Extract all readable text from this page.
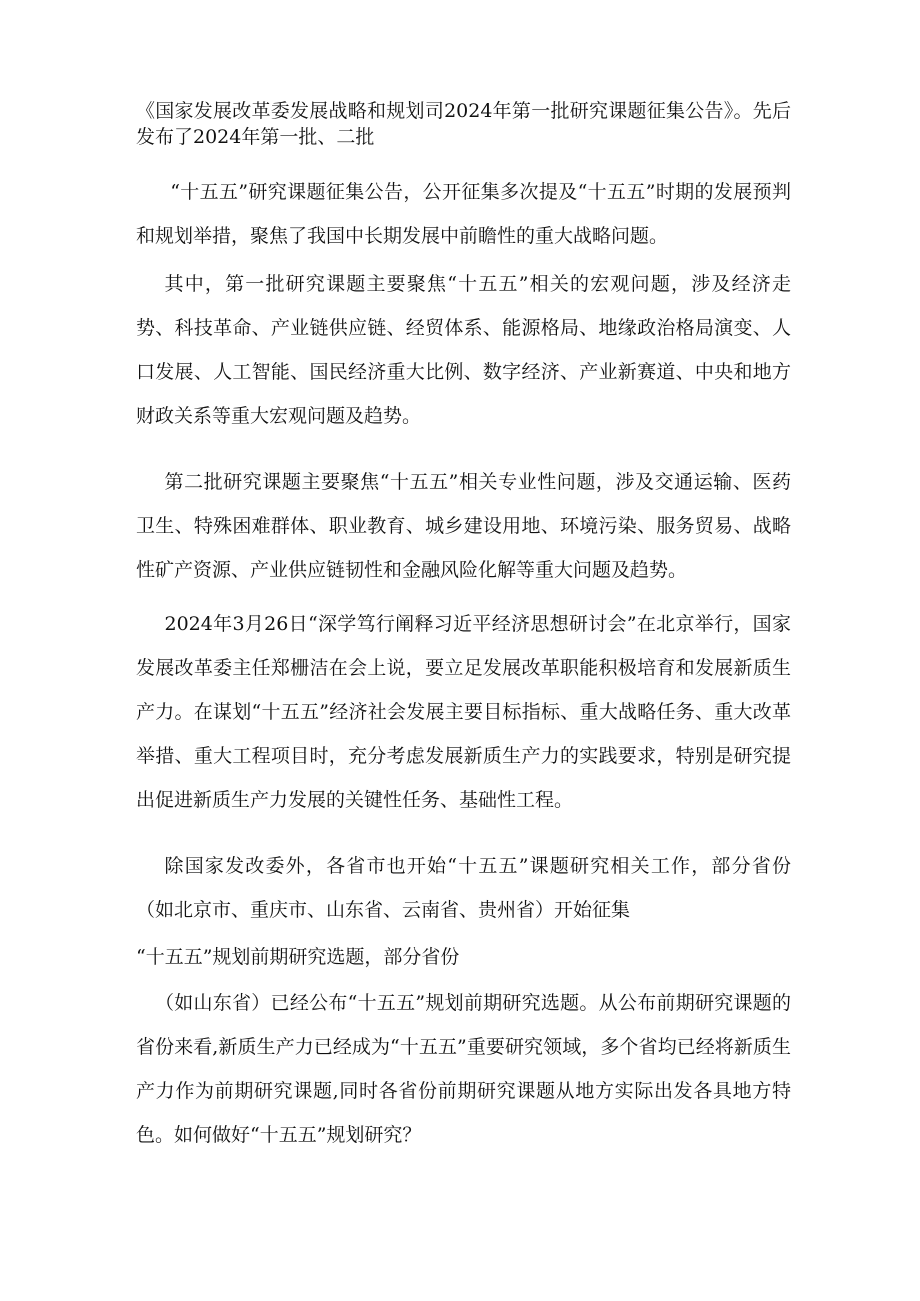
《国家发展改革委发展战略和规划司2024年第一批研究课题征集公告》。先后发布了2024年第一批、二批

“十五五”研究课题征集公告，公开征集多次提及“十五五”时期的发展预判和规划举措，聚焦了我国中长期发展中前瞻性的重大战略问题。

其中，第一批研究课题主要聚焦“十五五”相关的宏观问题，涉及经济走势、科技革命、产业链供应链、经贸体系、能源格局、地缘政治格局演变、人口发展、人工智能、国民经济重大比例、数字经济、产业新赛道、中央和地方财政关系等重大宏观问题及趋势。

第二批研究课题主要聚焦“十五五”相关专业性问题，涉及交通运输、医药卫生、特殊困难群体、职业教育、城乡建设用地、环境污染、服务贸易、战略性矿产资源、产业供应链韧性和金融风险化解等重大问题及趋势。

2024年3月26日“深学笃行阐释习近平经济思想研讨会”在北京举行，国家发展改革委主任郑栅洁在会上说，要立足发展改革职能积极培育和发展新质生产力。在谋划“十五五”经济社会发展主要目标指标、重大战略任务、重大改革举措、重大工程项目时，充分考虑发展新质生产力的实践要求，特别是研究提出促进新质生产力发展的关键性任务、基础性工程。

除国家发改委外，各省市也开始“十五五”课题研究相关工作，部分省份（如北京市、重庆市、山东省、云南省、贵州省）开始征集

“十五五”规划前期研究选题，部分省份

（如山东省）已经公布“十五五”规划前期研究选题。从公布前期研究课题的省份来看,新质生产力已经成为“十五五”重要研究领域，多个省均已经将新质生产力作为前期研究课题,同时各省份前期研究课题从地方实际出发各具地方特色。如何做好“十五五”规划研究？
